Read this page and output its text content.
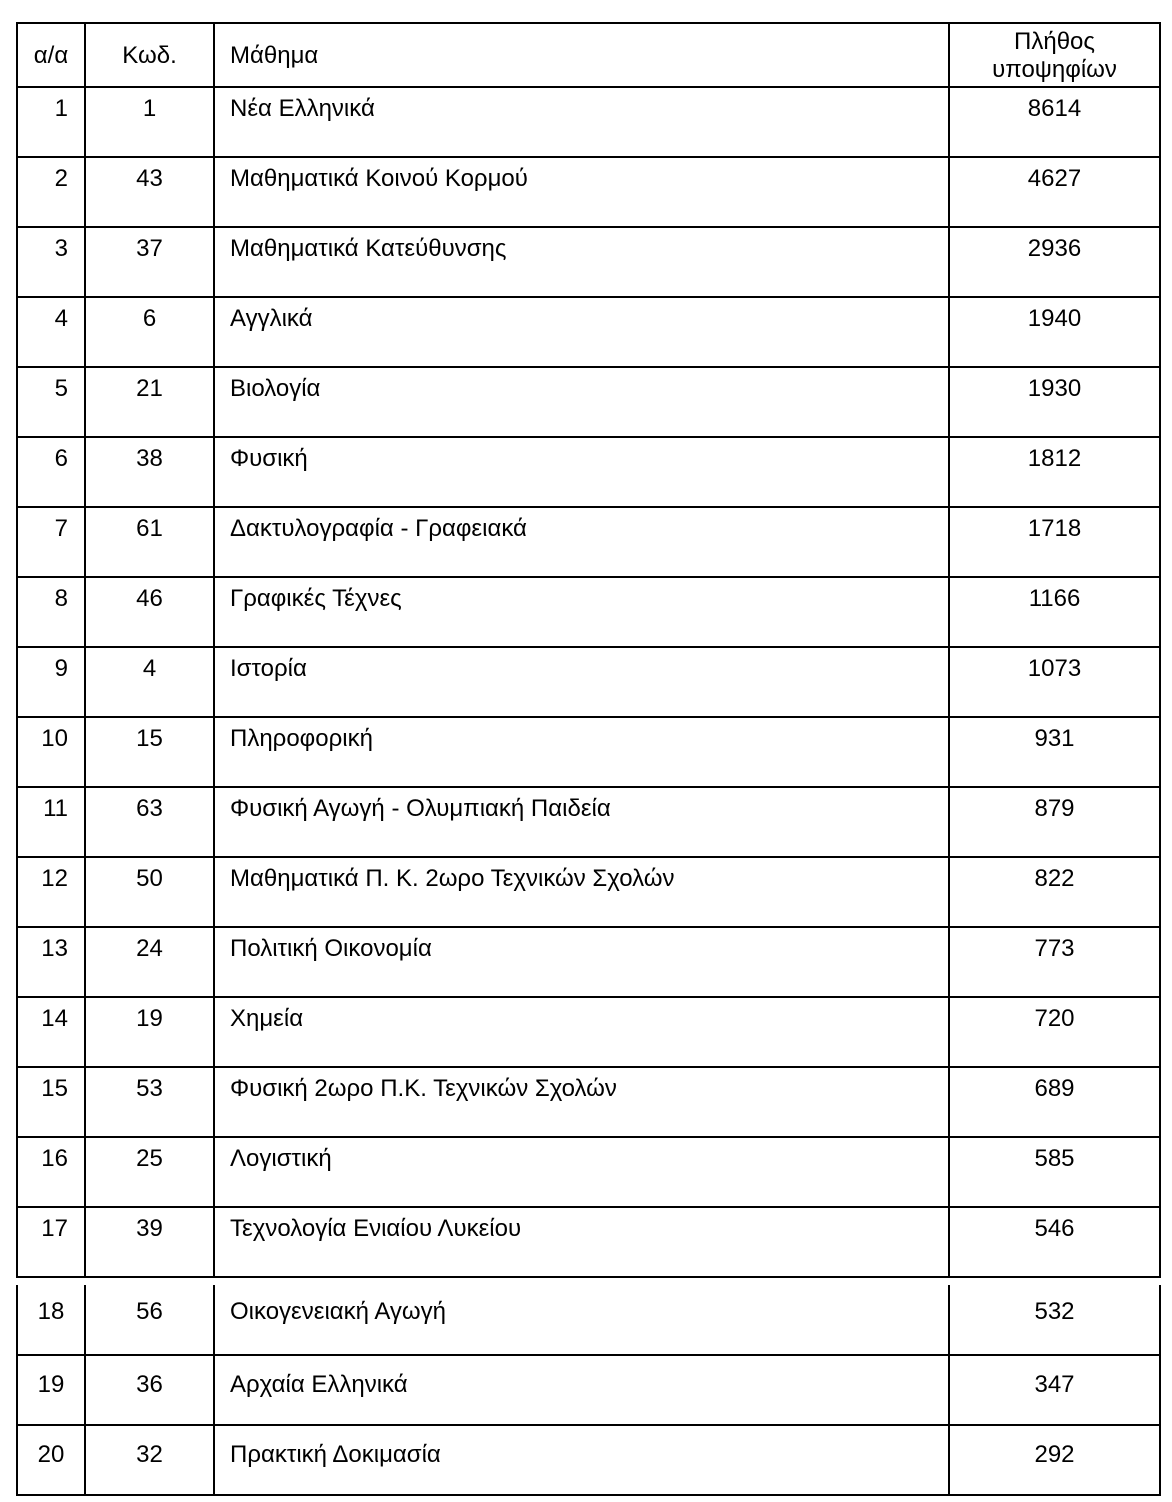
α/α	Κωδ.	Μάθημα	Πλήθος
υποψηφίων

1	1	Νέα Ελληνικά	8614
2	43	Μαθηματικά Κοινού Κορμού	4627
3	37	Μαθηματικά Κατεύθυνσης	2936
4	6	Αγγλικά	1940
5	21	Βιολογία	1930
6	38	Φυσική	1812
7	61	Δακτυλογραφία - Γραφειακά	1718
8	46	Γραφικές Τέχνες	1166
9	4	Ιστορία	1073
10	15	Πληροφορική	931
11	63	Φυσική Αγωγή - Ολυμπιακή Παιδεία	879
12	50	Μαθηματικά Π. Κ. 2ωρο Τεχνικών Σχολών	822
13	24	Πολιτική Οικονομία	773
14	19	Χημεία	720
15	53	Φυσική 2ωρο Π.Κ. Τεχνικών Σχολών	689
16	25	Λογιστική	585
17	39	Τεχνολογία Ενιαίου Λυκείου	546
18	56	Οικογενειακή Αγωγή	532
19	36	Αρχαία Ελληνικά	347
20	32	Πρακτική Δοκιμασία	292
